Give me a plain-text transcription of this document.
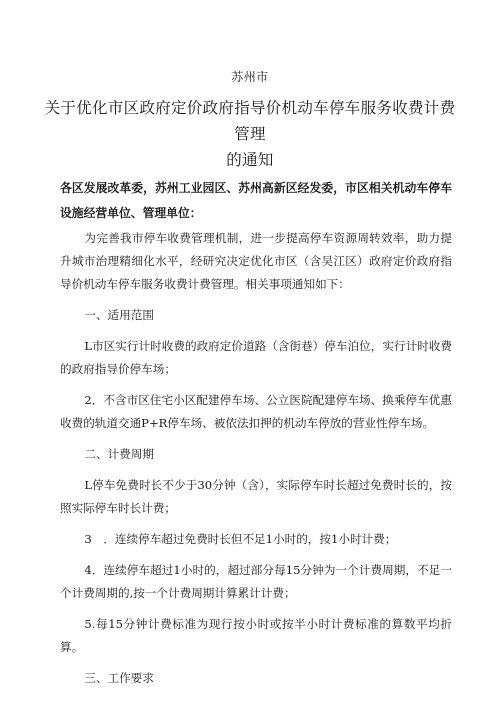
苏州市
关于优化市区政府定价政府指导价机动车停车服务收费计费管理
的通知

各区发展改革委，苏州工业园区、苏州高新区经发委，市区相关机动车停车设施经营单位、管理单位：

为完善我市停车收费管理机制，进一步提高停车资源周转效率，助力提升城市治理精细化水平，经研究决定优化市区（含吴江区）政府定价政府指导价机动车停车服务收费计费管理。相关事项通知如下：

一、适用范围

L市区实行计时收费的政府定价道路（含街巷）停车泊位，实行计时收费的政府指导价停车场；

2．不含市区住宅小区配建停车场、公立医院配建停车场、换乘停车优惠收费的轨道交通P+R停车场、被依法扣押的机动车停放的营业性停车场。

二、计费周期

L停车免费时长不少于30分钟（含），实际停车时长超过免费时长的，按照实际停车时长计费；

3　．连续停车超过免费时长但不足1小时的，按1小时计费；

4．连续停车超过1小时的，超过部分每15分钟为一个计费周期，不足一个计费周期的,按一个计费周期计算累计计费；

5.每15分钟计费标准为现行按小时或按半小时计费标准的算数平均折算。

三、工作要求
